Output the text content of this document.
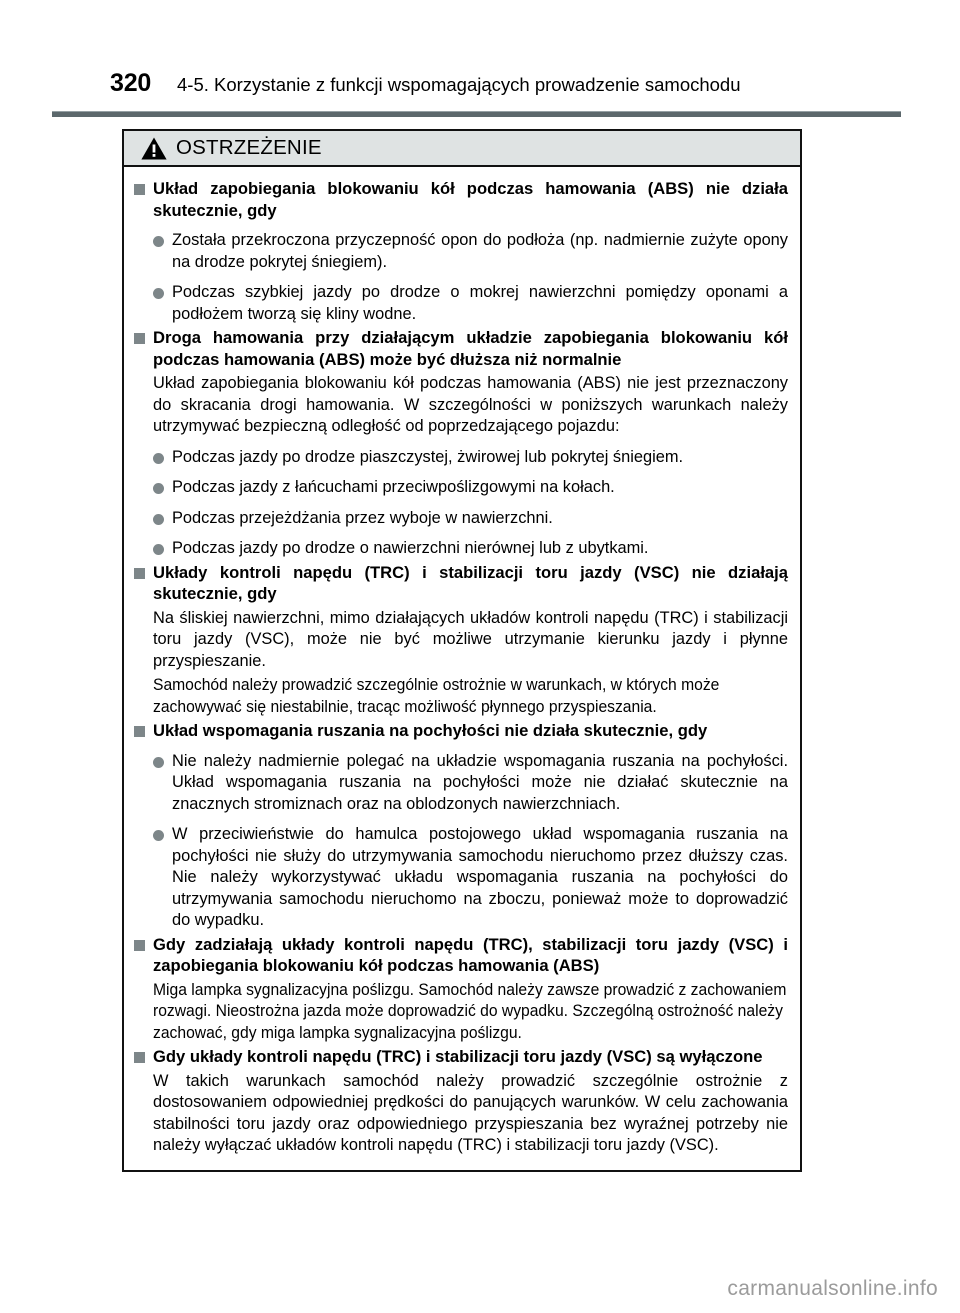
320 4-5. Korzystanie z funkcji wspomagających prowadzenie samochodu
OSTRZEŻENIE
Układ zapobiegania blokowaniu kół podczas hamowania (ABS) nie działa skutecznie, gdy
Została przekroczona przyczepność opon do podłoża (np. nadmiernie zużyte opony na drodze pokrytej śniegiem).
Podczas szybkiej jazdy po drodze o mokrej nawierzchni pomiędzy oponami a podłożem tworzą się kliny wodne.
Droga hamowania przy działającym układzie zapobiegania blokowaniu kół podczas hamowania (ABS) może być dłuższa niż normalnie

Układ zapobiegania blokowaniu kół podczas hamowania (ABS) nie jest przeznaczony do skracania drogi hamowania. W szczególności w poniższych warunkach należy utrzymywać bezpieczną odległość od poprzedzającego pojazdu:

Podczas jazdy po drodze piaszczystej, żwirowej lub pokrytej śniegiem.
Podczas jazdy z łańcuchami przeciwpoślizgowymi na kołach.
Podczas przejeżdżania przez wyboje w nawierzchni.
Podczas jazdy po drodze o nawierzchni nierównej lub z ubytkami.
Układy kontroli napędu (TRC) i stabilizacji toru jazdy (VSC) nie działają skutecznie, gdy

Na śliskiej nawierzchni, mimo działających układów kontroli napędu (TRC) i stabilizacji toru jazdy (VSC), może nie być możliwe utrzymanie kierunku jazdy i płynne przyspieszanie.

Samochód należy prowadzić szczególnie ostrożnie w warunkach, w których może zachowywać się niestabilnie, tracąc możliwość płynnego przyspieszania.

Układ wspomagania ruszania na pochyłości nie działa skutecznie, gdy
Nie należy nadmiernie polegać na układzie wspomagania ruszania na pochyłości. Układ wspomagania ruszania na pochyłości może nie działać skutecznie na znacznych stromiznach oraz na oblodzonych nawierzchniach.
W przeciwieństwie do hamulca postojowego układ wspomagania ruszania na pochyłości nie służy do utrzymywania samochodu nieruchomo przez dłuższy czas. Nie należy wykorzystywać układu wspomagania ruszania na pochyłości do utrzymywania samochodu nieruchomo na zboczu, ponieważ może to doprowadzić do wypadku.
Gdy zadziałają układy kontroli napędu (TRC), stabilizacji toru jazdy (VSC) i zapobiegania blokowaniu kół podczas hamowania (ABS)

Miga lampka sygnalizacyjna poślizgu. Samochód należy zawsze prowadzić z zachowaniem rozwagi. Nieostrożna jazda może doprowadzić do wypadku. Szczególną ostrożność należy zachować, gdy miga lampka sygnalizacyjna poślizgu.

Gdy układy kontroli napędu (TRC) i stabilizacji toru jazdy (VSC) są wyłączone

W takich warunkach samochód należy prowadzić szczególnie ostrożnie z dostosowaniem odpowiedniej prędkości do panujących warunków. W celu zachowania stabilności toru jazdy oraz odpowiedniego przyspieszania bez wyraźnej potrzeby nie należy wyłączać układów kontroli napędu (TRC) i stabilizacji toru jazdy (VSC).

carmanualsonline.info
